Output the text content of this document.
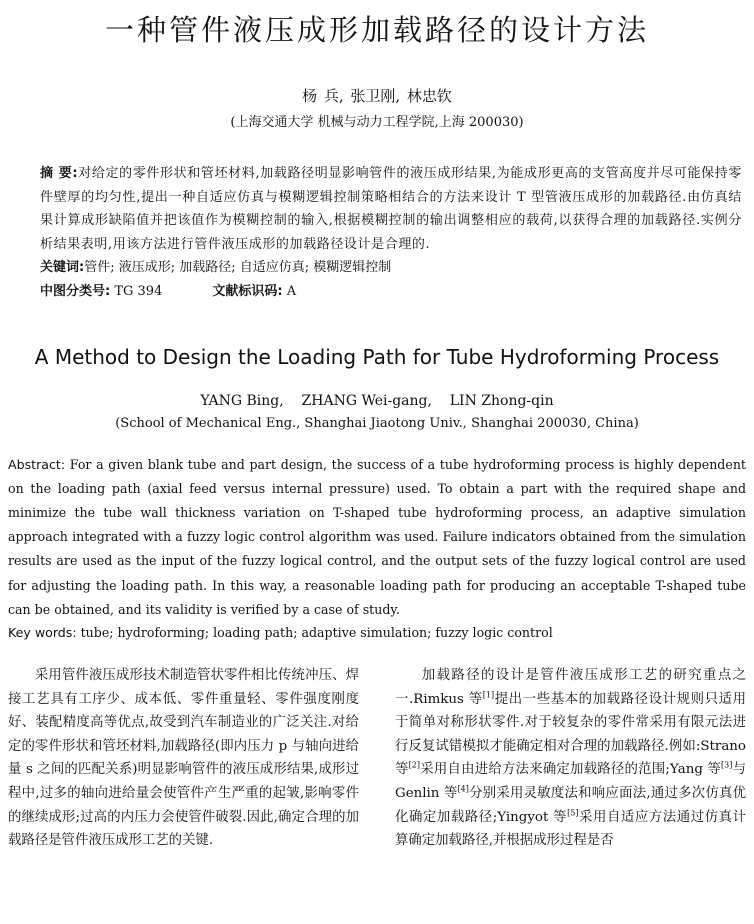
一种管件液压成形加载路径的设计方法
杨 兵, 张卫刚, 林忠钦
(上海交通大学 机械与动力工程学院,上海 200030)
摘 要:对给定的零件形状和管坯材料,加载路径明显影响管件的液压成形结果,为能成形更高的支管高度并尽可能保持零件壁厚的均匀性,提出一种自适应仿真与模糊逻辑控制策略相结合的方法来设计 T 型管液压成形的加载路径.由仿真结果计算成形缺陷值并把该值作为模糊控制的输入,根据模糊控制的输出调整相应的载荷,以获得合理的加载路径.实例分析结果表明,用该方法进行管件液压成形的加载路径设计是合理的.
关键词:管件; 液压成形; 加载路径; 自适应仿真; 模糊逻辑控制
中图分类号: TG 394	文献标识码: A
A Method to Design the Loading Path for Tube Hydroforming Process
YANG Bing, ZHANG Wei-gang, LIN Zhong-qin
(School of Mechanical Eng., Shanghai Jiaotong Univ., Shanghai 200030, China)
Abstract: For a given blank tube and part design, the success of a tube hydroforming process is highly dependent on the loading path (axial feed versus internal pressure) used. To obtain a part with the required shape and minimize the tube wall thickness variation on T-shaped tube hydroforming process, an adaptive simulation approach integrated with a fuzzy logic control algorithm was used. Failure indicators obtained from the simulation results are used as the input of the fuzzy logical control, and the output sets of the fuzzy logical control are used for adjusting the loading path. In this way, a reasonable loading path for producing an acceptable T-shaped tube can be obtained, and its validity is verified by a case of study.
Key words: tube; hydroforming; loading path; adaptive simulation; fuzzy logic control
采用管件液压成形技术制造管状零件相比传统冲压、焊接工艺具有工序少、成本低、零件重量轻、零件强度刚度好、装配精度高等优点,故受到汽车制造业的广泛关注.对给定的零件形状和管坯材料,加载路径(即内压力 p 与轴向进给量 s 之间的匹配关系)明显影响管件的液压成形结果,成形过程中,过多的轴向进给量会使管件产生严重的起皱,影响零件的继续成形;过高的内压力会使管件破裂.因此,确定合理的加载路径是管件液压成形工艺的关键.
加载路径的设计是管件液压成形工艺的研究重点之一.Rimkus 等[1]提出一些基本的加载路径设计规则只适用于简单对称形状零件.对于较复杂的零件常采用有限元法进行反复试错模拟才能确定相对合理的加载路径.例如:Strano 等[2]采用自由进给方法来确定加载路径的范围;Yang 等[3]与 Genlin 等[4]分别采用灵敏度法和响应面法,通过多次仿真优化确定加载路径;Yingyot 等[5]采用自适应方法通过仿真计算确定加载路径,并根据成形过程是否
